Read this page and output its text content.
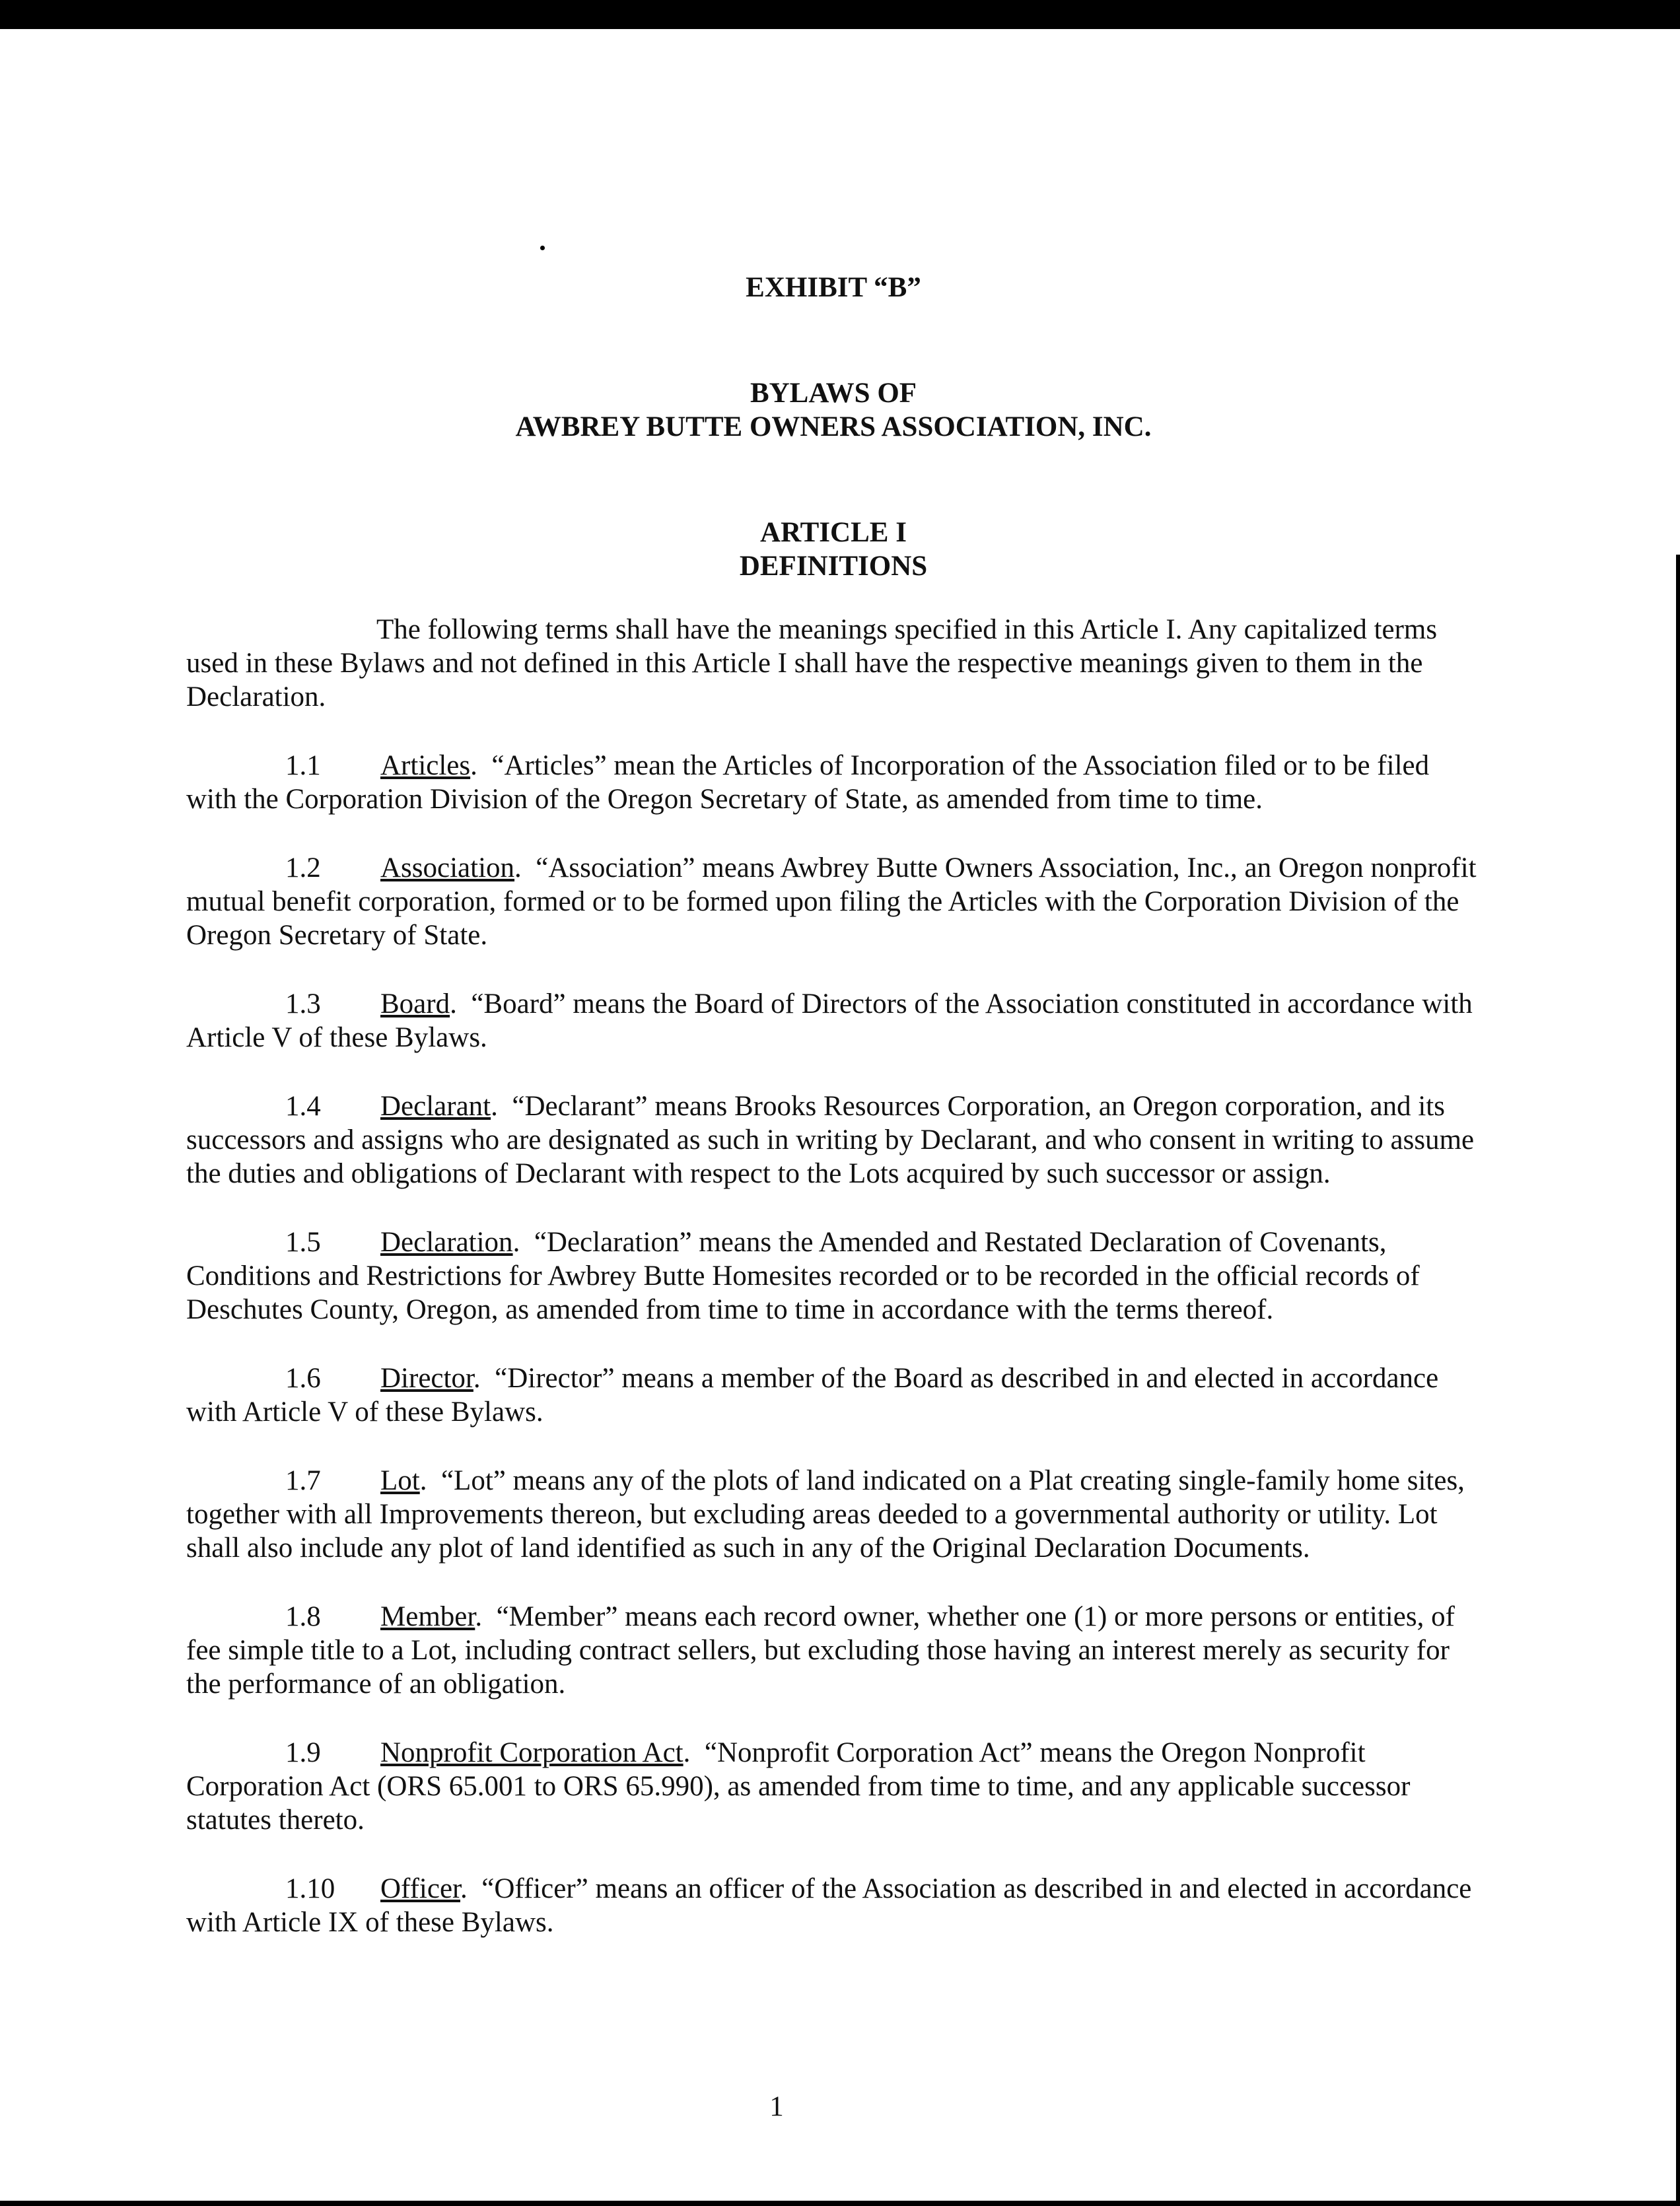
EXHIBIT “B”
BYLAWS OF
AWBREY BUTTE OWNERS ASSOCIATION, INC.
ARTICLE I
DEFINITIONS

The following terms shall have the meanings specified in this Article I. Any capitalized terms used in these Bylaws and not defined in this Article I shall have the respective meanings given to them in the Declaration.

1.1 Articles.  “Articles” mean the Articles of Incorporation of the Association filed or to be filed with the Corporation Division of the Oregon Secretary of State, as amended from time to time.

1.2 Association.  “Association” means Awbrey Butte Owners Association, Inc., an Oregon nonprofit mutual benefit corporation, formed or to be formed upon filing the Articles with the Corporation Division of the Oregon Secretary of State.

1.3 Board.  “Board” means the Board of Directors of the Association constituted in accordance with Article V of these Bylaws.

1.4 Declarant.  “Declarant” means Brooks Resources Corporation, an Oregon corporation, and its successors and assigns who are designated as such in writing by Declarant, and who consent in writing to assume the duties and obligations of Declarant with respect to the Lots acquired by such successor or assign.

1.5 Declaration.  “Declaration” means the Amended and Restated Declaration of Covenants, Conditions and Restrictions for Awbrey Butte Homesites recorded or to be recorded in the official records of Deschutes County, Oregon, as amended from time to time in accordance with the terms thereof.

1.6 Director.  “Director” means a member of the Board as described in and elected in accordance with Article V of these Bylaws.

1.7 Lot.  “Lot” means any of the plots of land indicated on a Plat creating single-family home sites, together with all Improvements thereon, but excluding areas deeded to a governmental authority or utility. Lot shall also include any plot of land identified as such in any of the Original Declaration Documents.

1.8 Member.  “Member” means each record owner, whether one (1) or more persons or entities, of fee simple title to a Lot, including contract sellers, but excluding those having an interest merely as security for the performance of an obligation.

1.9 Nonprofit Corporation Act.  “Nonprofit Corporation Act” means the Oregon Nonprofit Corporation Act (ORS 65.001 to ORS 65.990), as amended from time to time, and any applicable successor statutes thereto.

1.10 Officer.  “Officer” means an officer of the Association as described in and elected in accordance with Article IX of these Bylaws.

1
